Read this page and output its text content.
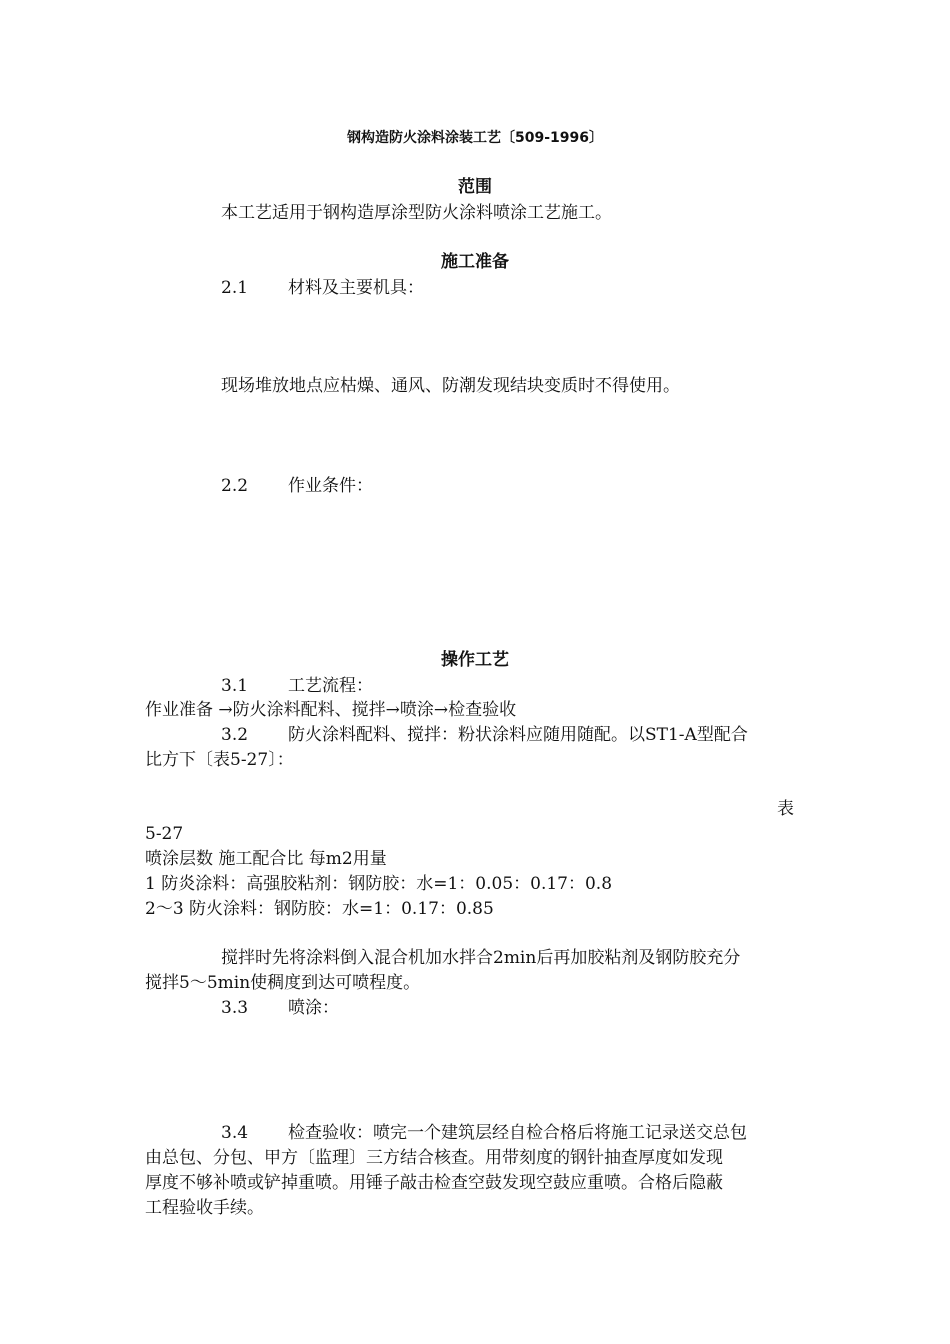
钢构造防火涂料涂装工艺〔509-1996〕
范围
本工艺适用于钢构造厚涂型防火涂料喷涂工艺施工。
施工准备
2.1 材料及主要机具：
现场堆放地点应枯燥、通风、防潮发现结块变质时不得使用。
2.2 作业条件：
操作工艺
3.1 工艺流程：
作业准备 →防火涂料配料、搅拌→喷涂→检查验收
3.2 防火涂料配料、搅拌：粉状涂料应随用随配。以ST1-A型配合
比方下〔表5-27〕：
表
5-27
喷涂层数 施工配合比 每m2用量
1 防炎涂料：高强胶粘剂：钢防胶：水=1：0.05：0.17：0.8
2～3 防火涂料：钢防胶：水=1：0.17：0.85
搅拌时先将涂料倒入混合机加水拌合2min后再加胶粘剂及钢防胶充分
搅拌5～5min使稠度到达可喷程度。
3.3 喷涂：
3.4 检查验收：喷完一个建筑层经自检合格后将施工记录送交总包
由总包、分包、甲方〔监理〕三方结合核查。用带刻度的钢针抽查厚度如发现
厚度不够补喷或铲掉重喷。用锤子敲击检查空鼓发现空鼓应重喷。合格后隐蔽
工程验收手续。
